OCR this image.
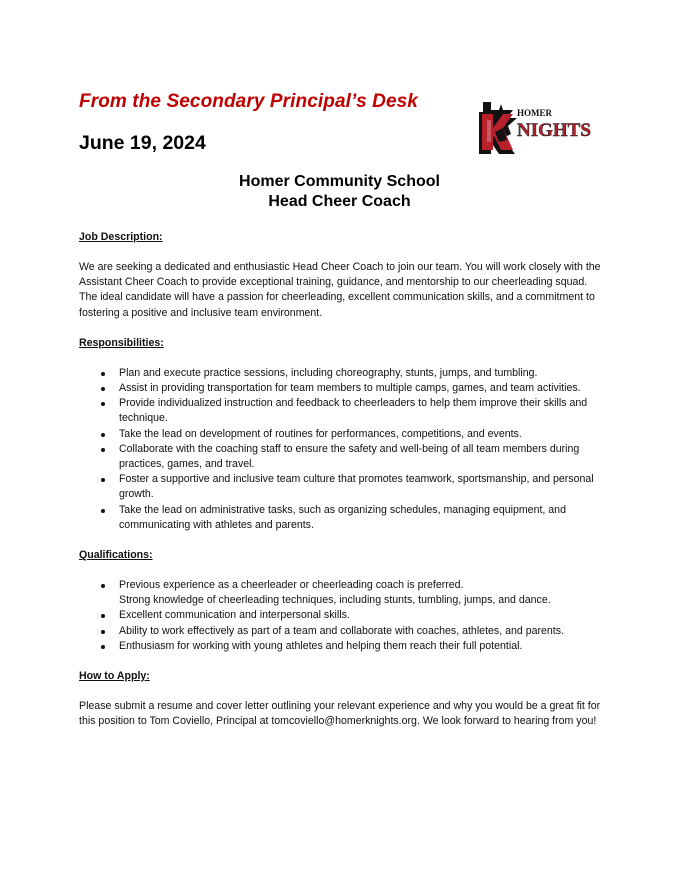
From the Secondary Principal’s Desk
June 19, 2024
HOMER
NIGHTS
Homer Community School
Head Cheer Coach
Job Description:

We are seeking a dedicated and enthusiastic Head Cheer Coach to join our team. You will work closely with the Assistant Cheer Coach to provide exceptional training, guidance, and mentorship to our cheerleading squad. The ideal candidate will have a passion for cheerleading, excellent communication skills, and a commitment to fostering a positive and inclusive team environment.

Responsibilities:
Plan and execute practice sessions, including choreography, stunts, jumps, and tumbling.
Assist in providing transportation for team members to multiple camps, games, and team activities.
Provide individualized instruction and feedback to cheerleaders to help them improve their skills and technique.
Take the lead on development of routines for performances, competitions, and events.
Collaborate with the coaching staff to ensure the safety and well-being of all team members during practices, games, and travel.
Foster a supportive and inclusive team culture that promotes teamwork, sportsmanship, and personal growth.
Take the lead on administrative tasks, such as organizing schedules, managing equipment, and communicating with athletes and parents.
Qualifications:
Previous experience as a cheerleader or cheerleading coach is preferred.
Strong knowledge of cheerleading techniques, including stunts, tumbling, jumps, and dance.
Excellent communication and interpersonal skills.
Ability to work effectively as part of a team and collaborate with coaches, athletes, and parents.
Enthusiasm for working with young athletes and helping them reach their full potential.
How to Apply:

Please submit a resume and cover letter outlining your relevant experience and why you would be a great fit for this position to Tom Coviello, Principal at tomcoviello@homerknights.org. We look forward to hearing from you!
